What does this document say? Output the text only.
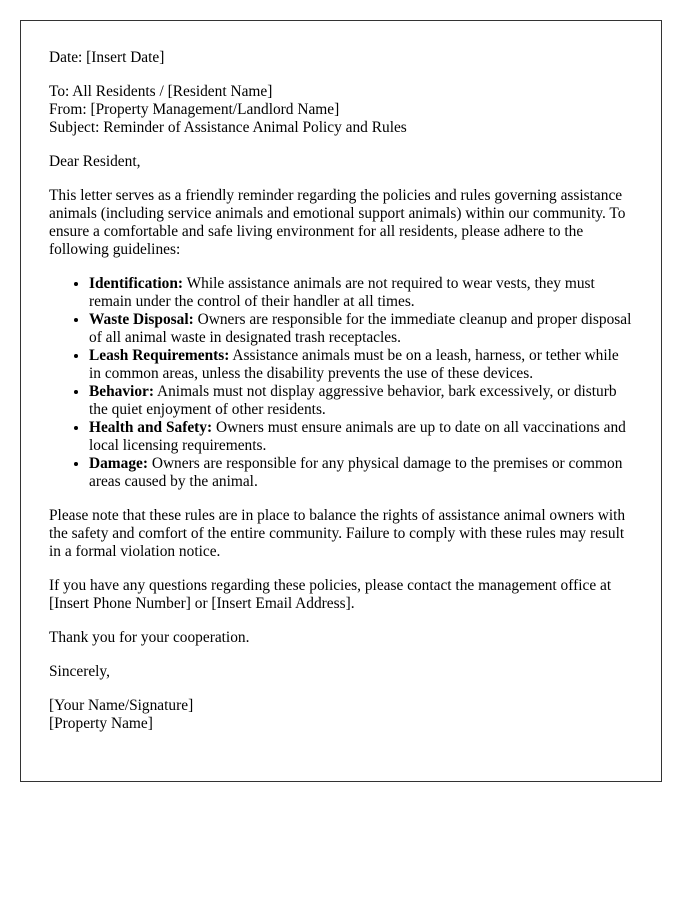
Date: [Insert Date]

To: All Residents / [Resident Name]
From: [Property Management/Landlord Name]
Subject: Reminder of Assistance Animal Policy and Rules

Dear Resident,

This letter serves as a friendly reminder regarding the policies and rules governing assistance animals (including service animals and emotional support animals) within our community. To ensure a comfortable and safe living environment for all residents, please adhere to the following guidelines:

• Identification: While assistance animals are not required to wear vests, they must remain under the control of their handler at all times.
• Waste Disposal: Owners are responsible for the immediate cleanup and proper disposal of all animal waste in designated trash receptacles.
• Leash Requirements: Assistance animals must be on a leash, harness, or tether while in common areas, unless the disability prevents the use of these devices.
• Behavior: Animals must not display aggressive behavior, bark excessively, or disturb the quiet enjoyment of other residents.
• Health and Safety: Owners must ensure animals are up to date on all vaccinations and local licensing requirements.
• Damage: Owners are responsible for any physical damage to the premises or common areas caused by the animal.

Please note that these rules are in place to balance the rights of assistance animal owners with the safety and comfort of the entire community. Failure to comply with these rules may result in a formal violation notice.

If you have any questions regarding these policies, please contact the management office at [Insert Phone Number] or [Insert Email Address].

Thank you for your cooperation.

Sincerely,

[Your Name/Signature]
[Property Name]
